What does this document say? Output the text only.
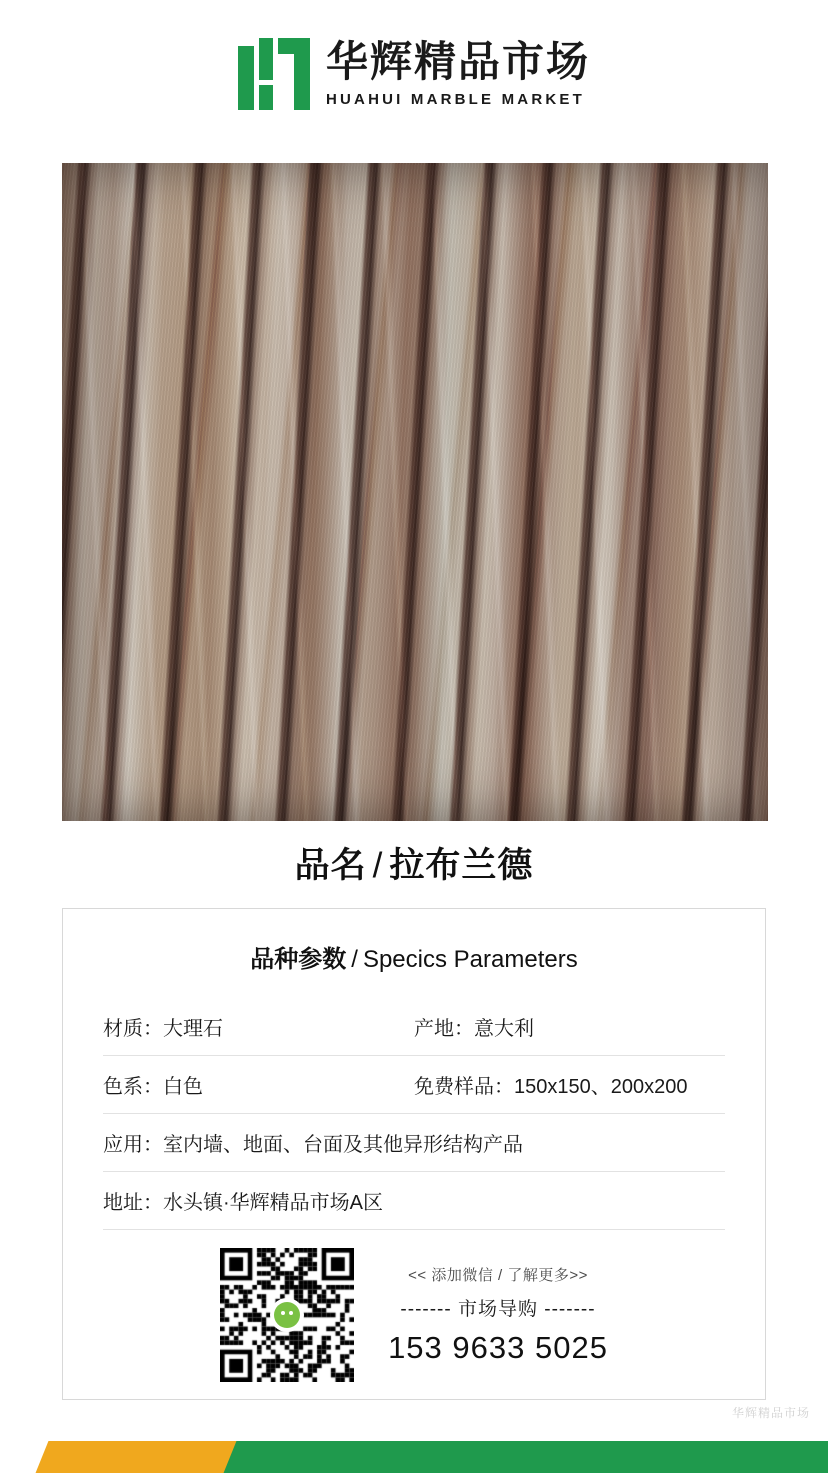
华辉精品市场
HUAHUI MARBLE MARKET
品名 / 拉布兰德
品种参数 / Specics Parameters
材质： 大理石	产地： 意大利
色系： 白色	免费样品： 150x150、200x200
应用： 室内墙、地面、台面及其他异形结构产品
地址： 水头镇·华辉精品市场A区
<< 添加微信 / 了解更多>>
------- 市场导购 -------
153 9633 5025
华辉精品市场
